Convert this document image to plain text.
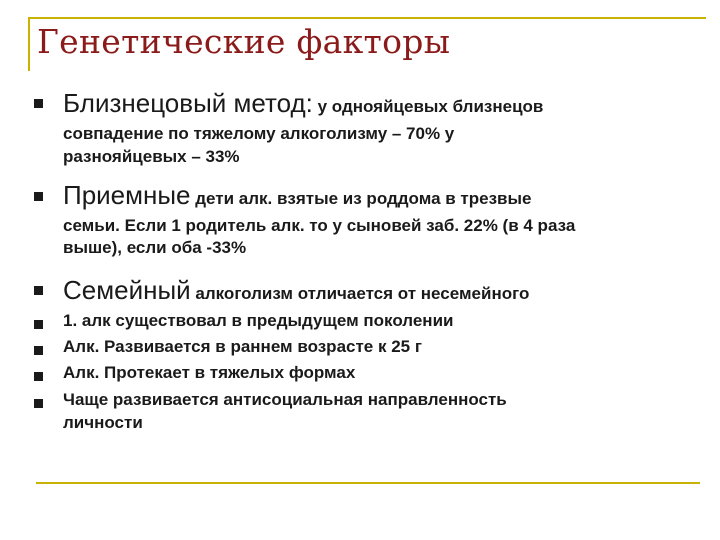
Генетические факторы
Близнецовый метод: у однояйцевых близнецов
совпадение по тяжелому алкоголизму – 70% у
разнояйцевых – 33%
Приемные дети алк. взятые из роддома в трезвые
семьи. Если 1 родитель алк. то у сыновей заб. 22% (в 4 раза
выше), если оба -33%
Семейный алкоголизм отличается от несемейного
1. алк существовал в предыдущем поколении
Алк. Развивается в раннем возрасте к 25 г
Алк. Протекает в тяжелых формах
Чаще развивается антисоциальная направленность
личности
